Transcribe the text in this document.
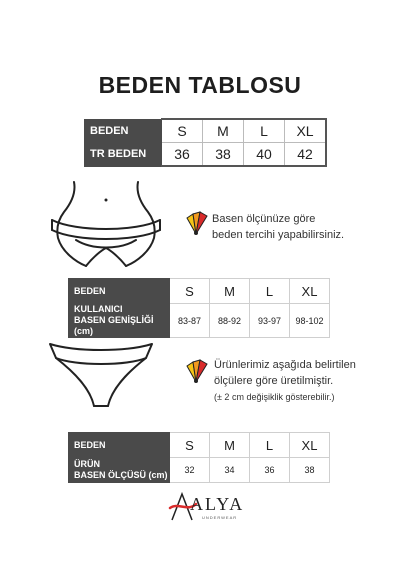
BEDEN TABLOSU
BEDEN	S	M	L	XL
TR BEDEN	36	38	40	42
Basen ölçünüze göre
beden tercihi yapabilirsiniz.
BEDEN	S	M	L	XL

KULLANICI
BASEN GENİŞLİĞİ (cm)	83-87	88-92	93-97	98-102
Ürünlerimiz aşağıda belirtilen
ölçülere göre üretilmiştir.
(± 2 cm değişiklik gösterebilir.)
BEDEN	S	M	L	XL

ÜRÜN
BASEN ÖLÇÜSÜ (cm)	32	34	36	38
ALYA
UNDERWEAR
